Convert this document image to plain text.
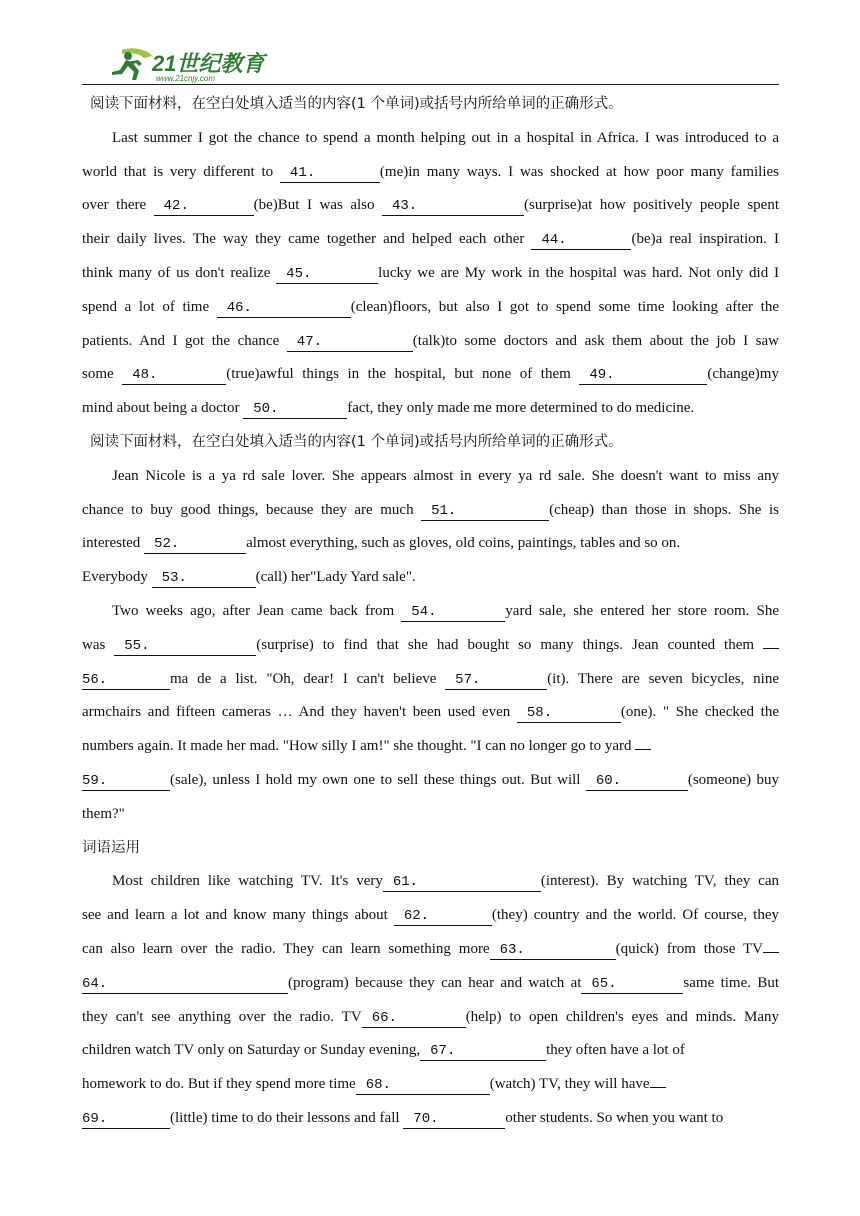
21世纪教育
www.21cnjy.com
阅读下面材料，在空白处填入适当的内容(1 个单词)或括号内所给单词的正确形式。
Last summer I got the chance to spend a month helping out in a hospital in Africa. I was introduced to a
world that is very different to 41.	(me)in many ways. I was shocked at how poor many families
over there 42.	(be)But I was also 43.	(surprise)at how positively people spent
their daily lives. The way they came together and helped each other 44.	(be)a real inspiration. I
think many of us don't realize 45.	lucky we are My work in the hospital was hard. Not only did I
spend a lot of time 46.	(clean)floors, but also I got to spend some time looking after the
patients. And I got the chance 47.	(talk)to some doctors and ask them about the job I saw
some 48.	(true)awful things in the hospital, but none of them 49.	(change)my
mind about being a doctor 50.	fact, they only made me more determined to do medicine.
阅读下面材料，在空白处填入适当的内容(1 个单词)或括号内所给单词的正确形式。
Jean Nicole is a ya rd sale lover. She appears almost in every ya rd sale. She doesn't want to miss any
chance to buy good things, because they are much 51.	(cheap) than those in shops. She is
interested 52.	almost everything, such as gloves, old coins, paintings, tables and so on.
Everybody 53.	(call) her"Lady Yard sale".
Two weeks ago, after Jean came back from 54.	yard sale, she entered her store room. She
was 55.	(surprise) to find that she had bought so many things. Jean counted them
56.	ma de a list. "Oh, dear! I can't believe 57.	(it). There are seven bicycles, nine
armchairs and fifteen cameras … And they haven't been used even 58.	(one). " She checked the
numbers again. It made her mad. "How silly I am!" she thought. "I can no longer go to yard
59.	(sale), unless I hold my own one to sell these things out. But will 60.	(someone) buy
them?"
词语运用
Most children like watching TV. It's very 61.	(interest). By watching TV, they can
see and learn a lot and know many things about 62.	(they) country and the world. Of course, they
can also learn over the radio. They can learn something more 63.	(quick) from those TV
64.	(program) because they can hear and watch at 65.	same time. But
they can't see anything over the radio. TV 66.	(help) to open children's eyes and minds. Many
children watch TV only on Saturday or Sunday evening, 67.	they often have a lot of
homework to do. But if they spend more time 68.	(watch) TV, they will have
69.	(little) time to do their lessons and fall 70.	other students. So when you want to
